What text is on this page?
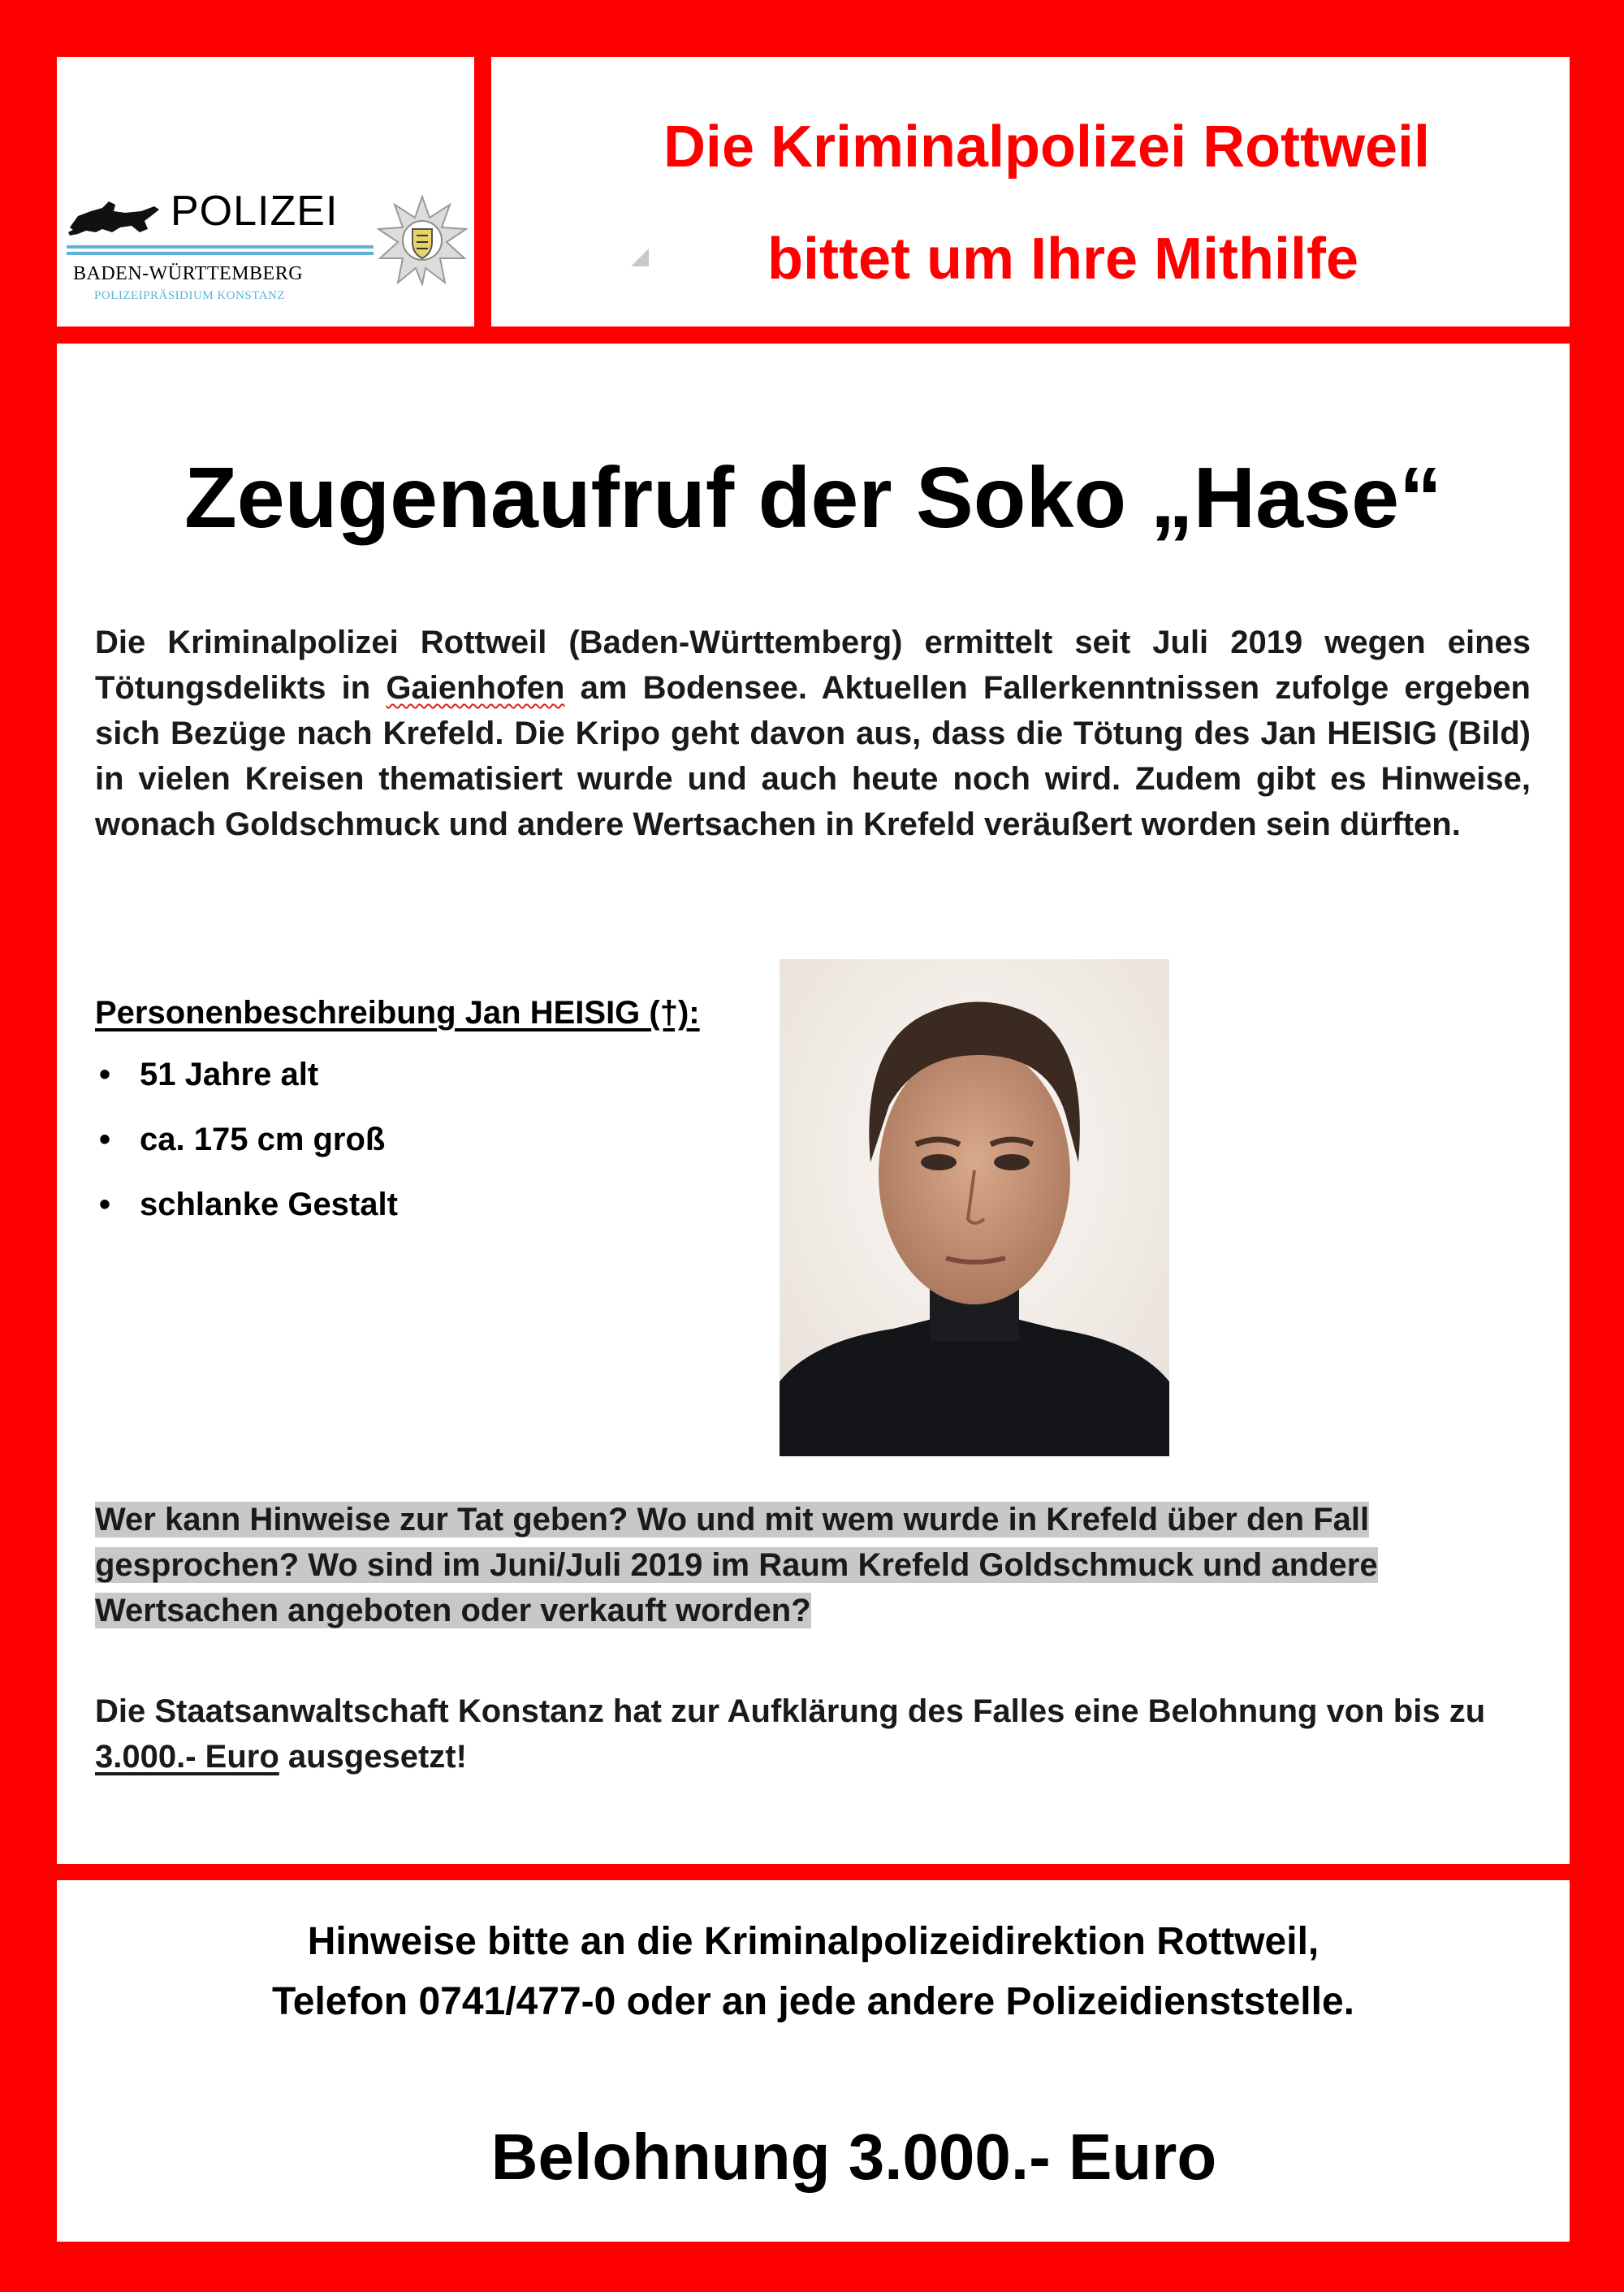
POLIZEI
BADEN-WÜRTTEMBERG
POLIZEIPRÄSIDIUM KONSTANZ
Die Kriminalpolizei Rottweil
bittet um Ihre Mithilfe
Zeugenaufruf der Soko „Hase“
Die Kriminalpolizei Rottweil (Baden-Württemberg) ermittelt seit Juli 2019 wegen eines Tötungsdelikts in Gaienhofen am Bodensee. Aktuellen Fallerkenntnissen zufolge ergeben sich Bezüge nach Krefeld. Die Kripo geht davon aus, dass die Tötung des Jan HEISIG (Bild) in vielen Kreisen thematisiert wurde und auch heute noch wird. Zudem gibt es Hinweise, wonach Goldschmuck und andere Wertsachen in Krefeld veräußert worden sein dürften.
Personenbeschreibung Jan HEISIG (†):
• 51 Jahre alt
• ca. 175 cm groß
• schlanke Gestalt
Wer kann Hinweise zur Tat geben? Wo und mit wem wurde in Krefeld über den Fall gesprochen? Wo sind im Juni/Juli 2019 im Raum Krefeld Goldschmuck und andere Wertsachen angeboten oder verkauft worden?
Die Staatsanwaltschaft Konstanz hat zur Aufklärung des Falles eine Belohnung von bis zu 3.000.- Euro ausgesetzt!
Hinweise bitte an die Kriminalpolizeidirektion Rottweil,
Telefon 0741/477-0 oder an jede andere Polizeidienststelle.
Belohnung 3.000.- Euro
